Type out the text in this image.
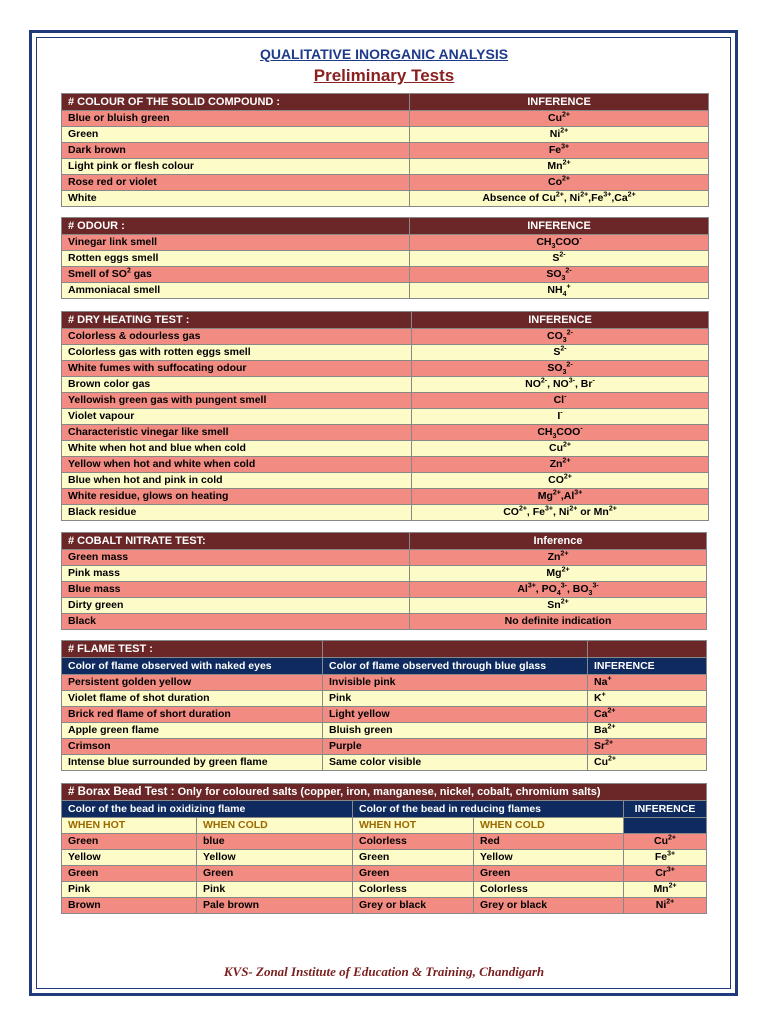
QUALITATIVE INORGANIC ANALYSIS
Preliminary Tests
# COLOUR OF THE SOLID COMPOUND :	INFERENCE
Blue or bluish green	$Cu^{2+}$
Green	$Ni^{2+}$
Dark brown	$Fe^{3+}$
Light pink or flesh colour	$Mn^{2+}$
Rose red or violet	$Co^{2+}$
White	Absence of $Cu^{2+}$, $Ni^{2+},Fe^{3+},Ca^{2+}$
# ODOUR :	INFERENCE
Vinegar link smell	$CH_3COO^-$
Rotten eggs smell	$S^{2-}$
Smell of $SO^2$ gas	$SO_3^{2-}$
Ammoniacal smell	$NH_4^+$
# DRY HEATING TEST :	INFERENCE
Colorless & odourless gas	$CO_3^{2-}$
Colorless gas with rotten eggs smell	$S^{2-}$
White fumes with suffocating odour	$SO_3^{2-}$
Brown color gas	$NO^{2-}$, $NO^{3-}$, Br-
Yellowish green gas with pungent smell	Cl-
Violet vapour	I-
Characteristic vinegar like smell	$CH_3COO^-$
White when hot and blue when cold	$Cu^{2+}$
Yellow when hot and white when cold	$Zn^{2+}$
Blue when hot and pink in cold	$CO^{2+}$
White residue, glows on heating	$Mg^{2+},Al^{3+}$
Black residue	$CO^{2+}$, $Fe^{3+}$, $Ni^{2+}$ or $Mn^{2+}$
# COBALT NITRATE TEST:	Inference
Green mass	$Zn^{2+}$
Pink mass	$Mg^{2+}$
Blue mass	$Al^{3+}$, $PO_4^{3-}$, $BO_3^{3-}$
Dirty green	$Sn^{2+}$
Black	No definite indication
# FLAME TEST :		
Color of flame observed with naked eyes	Color of flame observed through blue glass	INFERENCE
Persistent golden yellow	Invisible pink	Na+
Violet flame of shot duration	Pink	K+
Brick red flame of short duration	Light yellow	$Ca^{2+}$
Apple green flame	Bluish green	$Ba^{2+}$
Crimson	Purple	$Sr^{2+}$
Intense blue surrounded by green flame	Same color visible	$Cu^{2+}$
# Borax Bead Test : Only for coloured salts (copper, iron, manganese, nickel, cobalt, chromium salts)				
Color of the bead in oxidizing flame		Color of the bead in reducing flames		INFERENCE
WHEN HOT	WHEN COLD	WHEN HOT	WHEN COLD	
Green	blue	Colorless	Red	$Cu^{2+}$
Yellow	Yellow	Green	Yellow	$Fe^{3+}$
Green	Green	Green	Green	$Cr^{3+}$
Pink	Pink	Colorless	Colorless	$Mn^{2+}$
Brown	Pale brown	Grey or black	Grey or black	$Ni^{2+}$
KVS- Zonal Institute of Education & Training, Chandigarh
